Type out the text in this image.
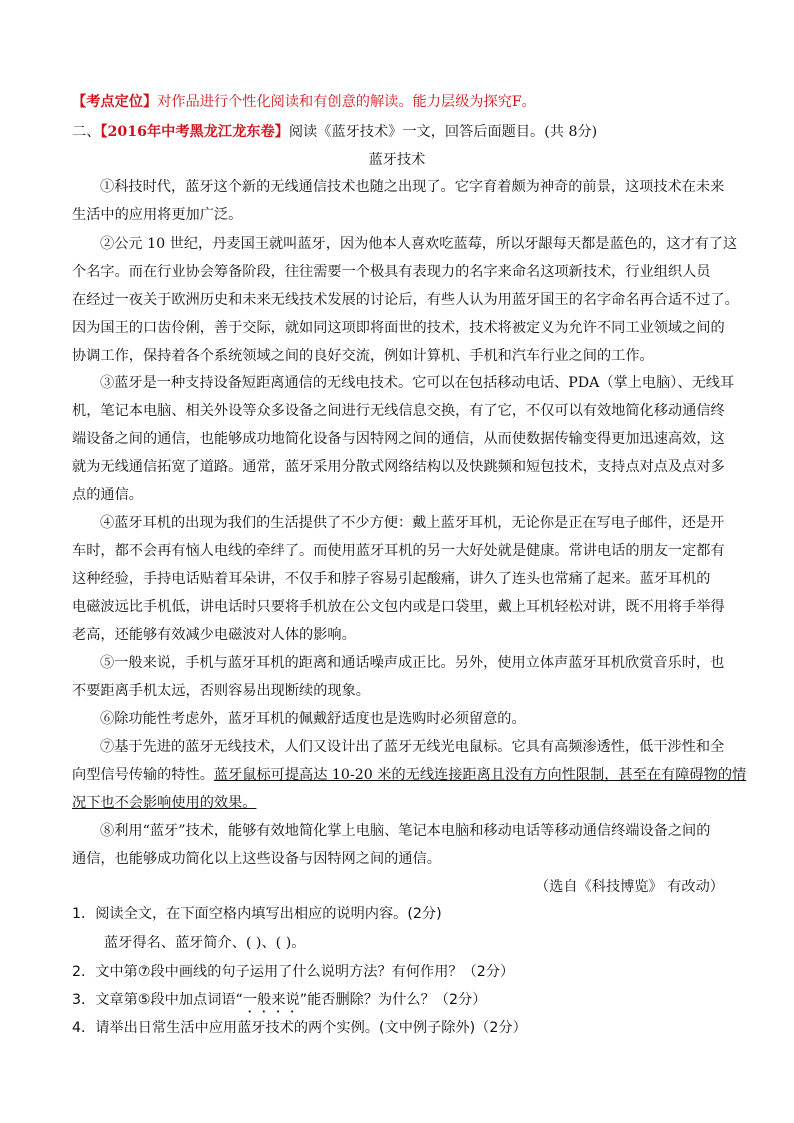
【考点定位】对作品进行个性化阅读和有创意的解读。能力层级为探究F。
二、【2016年中考黑龙江龙东卷】阅读《蓝牙技术》一文，回答后面题目。(共 8分)
蓝牙技术
①科技时代，蓝牙这个新的无线通信技术也随之出现了。它字育着颇为神奇的前景，这项技术在未来
生活中的应用将更加广泛。
②公元 10 世纪，丹麦国王就叫蓝牙，因为他本人喜欢吃蓝莓，所以牙龈每天都是蓝色的，这才有了这
个名字。而在行业协会筹备阶段，往往需要一个极具有表现力的名字来命名这项新技术，行业组织人员
在经过一夜关于欧洲历史和未来无线技术发展的讨论后，有些人认为用蓝牙国王的名字命名再合适不过了。
因为国王的口齿伶俐，善于交际，就如同这项即将面世的技术，技术将被定义为允许不同工业领域之间的
协调工作，保持着各个系统领域之间的良好交流，例如计算机、手机和汽车行业之间的工作。
③蓝牙是一种支持设备短距离通信的无线电技术。它可以在包括移动电话、PDA（掌上电脑）、无线耳
机，笔记本电脑、相关外设等众多设备之间进行无线信息交换，有了它，不仅可以有效地简化移动通信终
端设备之间的通信，也能够成功地简化设备与因特网之间的通信，从而使数据传输变得更加迅速高效，这
就为无线通信拓宽了道路。通常，蓝牙采用分散式网络结构以及快跳频和短包技术，支持点对点及点对多
点的通信。
④蓝牙耳机的出现为我们的生活提供了不少方便：戴上蓝牙耳机，无论你是正在写电子邮件，还是开
车时，都不会再有恼人电线的牵绊了。而使用蓝牙耳机的另一大好处就是健康。常讲电话的朋友一定都有
这种经验，手持电话贴着耳朵讲，不仅手和脖子容易引起酸痛，讲久了连头也常痛了起来。蓝牙耳机的
电磁波远比手机低，讲电话时只要将手机放在公文包内或是口袋里，戴上耳机轻松对讲，既不用将手举得
老高，还能够有效减少电磁波对人体的影响。
⑤一般来说，手机与蓝牙耳机的距离和通话噪声成正比。另外，使用立体声蓝牙耳机欣赏音乐时，也
不要距离手机太远，否则容易出现断续的现象。
⑥除功能性考虑外，蓝牙耳机的佩戴舒适度也是选购时必须留意的。
⑦基于先进的蓝牙无线技术，人们又设计出了蓝牙无线光电鼠标。它具有高频渗透性，低干涉性和全
向型信号传输的特性。蓝牙鼠标可提高达 10-20 米的无线连接距离且没有方向性限制，甚至在有障碍物的情
况下也不会影响使用的效果。
⑧利用“蓝牙”技术，能够有效地简化掌上电脑、笔记本电脑和移动电话等移动通信终端设备之间的
通信，也能够成功简化以上这些设备与因特网之间的通信。
（选自《科技博览》 有改动）
1．阅读全文，在下面空格内填写出相应的说明内容。(2分)
蓝牙得名、蓝牙简介、( )、( )。
2．文中第⑦段中画线的句子运用了什么说明方法？有何作用？（2分）
3．文章第⑤段中加点词语“一般来说”能否删除？为什么？（2分）
4．请举出日常生活中应用蓝牙技术的两个实例。(文中例子除外)（2分）
